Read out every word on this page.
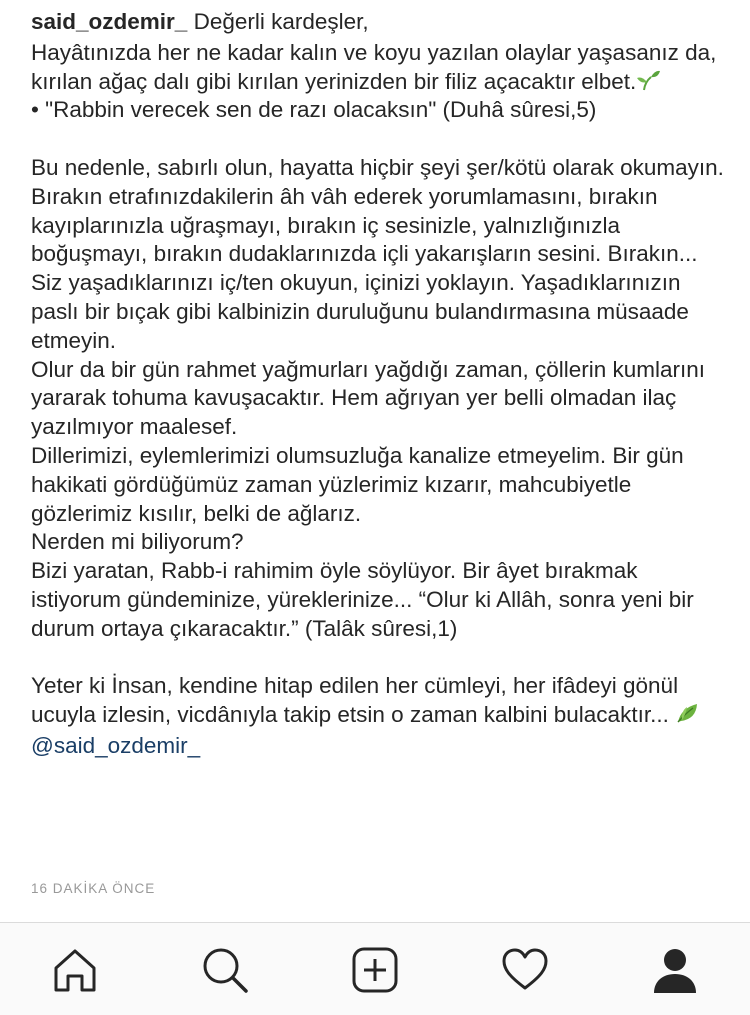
said_ozdemir_ Değerli kardeşler,

Hayâtınızda her ne kadar kalın ve koyu yazılan olaylar yaşasanız da, kırılan ağaç dalı gibi kırılan yerinizden bir filiz açacaktır elbet.

• "Rabbin verecek sen de razı olacaksın" (Duhâ sûresi,5)

Bu nedenle, sabırlı olun, hayatta hiçbir şeyi şer/kötü olarak okumayın. Bırakın etrafınızdakilerin âh vâh ederek yorumlamasını, bırakın kayıplarınızla uğraşmayı, bırakın iç sesinizle, yalnızlığınızla boğuşmayı, bırakın dudaklarınızda içli yakarışların sesini. Bırakın...

Siz yaşadıklarınızı iç/ten okuyun, içinizi yoklayın. Yaşadıklarınızın paslı bir bıçak gibi kalbinizin duruluğunu bulandırmasına müsaade etmeyin.

Olur da bir gün rahmet yağmurları yağdığı zaman, çöllerin kumlarını yararak tohuma kavuşacaktır. Hem ağrıyan yer belli olmadan ilaç yazılmıyor maalesef.

Dillerimizi, eylemlerimizi olumsuzluğa kanalize etmeyelim. Bir gün hakikati gördüğümüz zaman yüzlerimiz kızarır, mahcubiyetle gözlerimiz kısılır, belki de ağlarız.

Nerden mi biliyorum?

Bizi yaratan, Rabb-i rahimim öyle söylüyor. Bir âyet bırakmak istiyorum gündeminize, yüreklerinize... “Olur ki Allâh, sonra yeni bir durum ortaya çıkaracaktır.” (Talâk sûresi,1)

Yeter ki İnsan, kendine hitap edilen her cümleyi, her ifâdeyi gönül ucuyla izlesin, vicdânıyla takip etsin o zaman kalbini bulacaktır...

@said_ozdemir_
16 DAKİKA ÖNCE
